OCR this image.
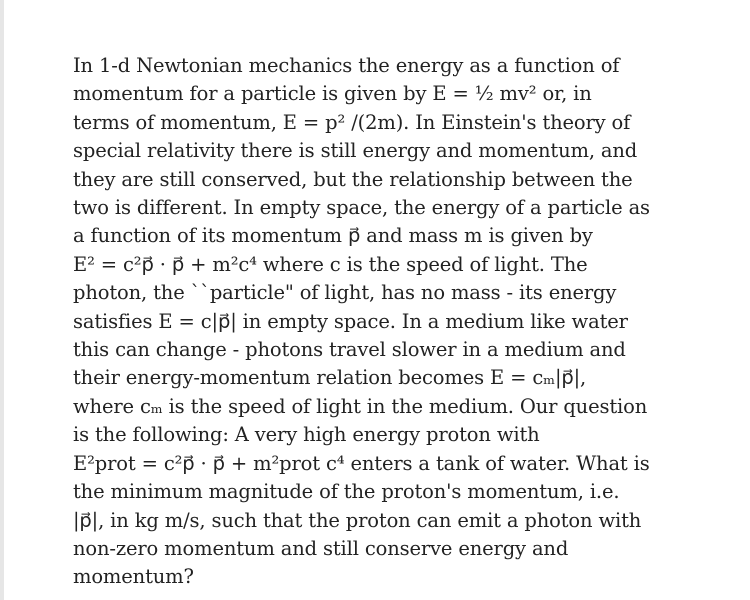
In 1-d Newtonian mechanics the energy as a function of
momentum for a particle is given by E = ½ mv² or, in
terms of momentum, E = p² /(2m). In Einstein's theory of
special relativity there is still energy and momentum, and
they are still conserved, but the relationship between the
two is different. In empty space, the energy of a particle as
a function of its momentum p⃗ and mass m is given by
E² = c²p⃗ · p⃗ + m²c⁴ where c is the speed of light. The
photon, the ``particle" of light, has no mass - its energy
satisfies E = c|p⃗| in empty space. In a medium like water
this can change - photons travel slower in a medium and
their energy-momentum relation becomes E = cₘ|p⃗|,
where cₘ is the speed of light in the medium. Our question
is the following: A very high energy proton with
E²prot = c²p⃗ · p⃗ + m²prot c⁴ enters a tank of water. What is
the minimum magnitude of the proton's momentum, i.e.
|p⃗|, in kg m/s, such that the proton can emit a photon with
non-zero momentum and still conserve energy and
momentum?
